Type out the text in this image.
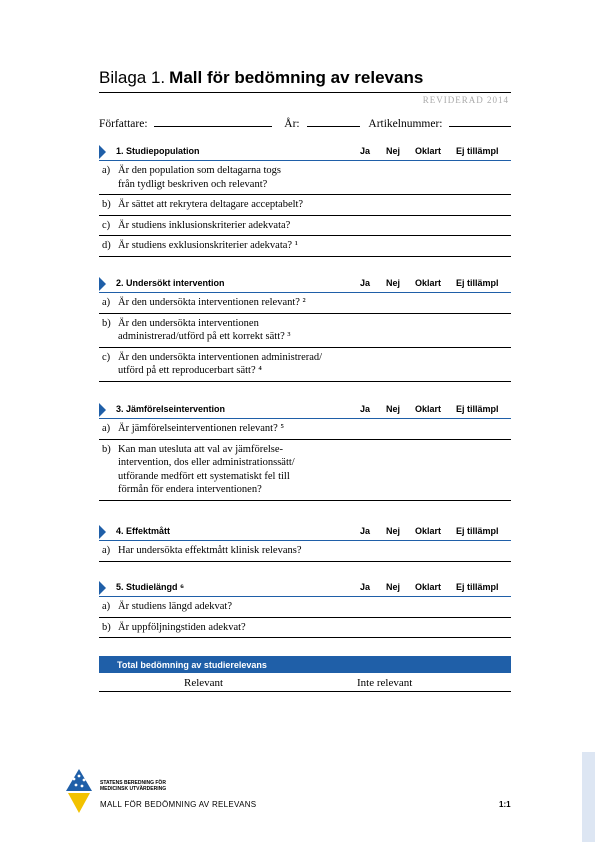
Bilaga 1. Mall för bedömning av relevans
REVIDERAD 2014
Författare:	År:	Artikelnummer:
1. Studiepopulation	Ja Nej Oklart Ej tillämpl
a) Är den population som deltagarna togs
från tydligt beskriven och relevant?
b) Är sättet att rekrytera deltagare acceptabelt?
c) Är studiens inklusionskriterier adekvata?
d) Är studiens exklusionskriterier adekvata? ¹
2. Undersökt intervention	Ja Nej Oklart Ej tillämpl
a) Är den undersökta interventionen relevant? ²
b) Är den undersökta interventionen
administrerad/utförd på ett korrekt sätt? ³
c) Är den undersökta interventionen administrerad/
utförd på ett reproducerbart sätt? ⁴
3. Jämförelseintervention	Ja Nej Oklart Ej tillämpl
a) Är jämförelseinterventionen relevant? ⁵
b) Kan man utesluta att val av jämförelse-
intervention, dos eller administrationssätt/
utförande medfört ett systematiskt fel till
förmån för endera interventionen?
4. Effektmått	Ja Nej Oklart Ej tillämpl
a) Har undersökta effektmått klinisk relevans?
5. Studielängd ⁶	Ja Nej Oklart Ej tillämpl
a) Är studiens längd adekvat?
b) Är uppföljningstiden adekvat?
Total bedömning av studierelevans
Relevant	Inte relevant
STATENS BEREDNING FÖR
MEDICINSK UTVÄRDERING
MALL FÖR BEDÖMNING AV RELEVANS	1:1
